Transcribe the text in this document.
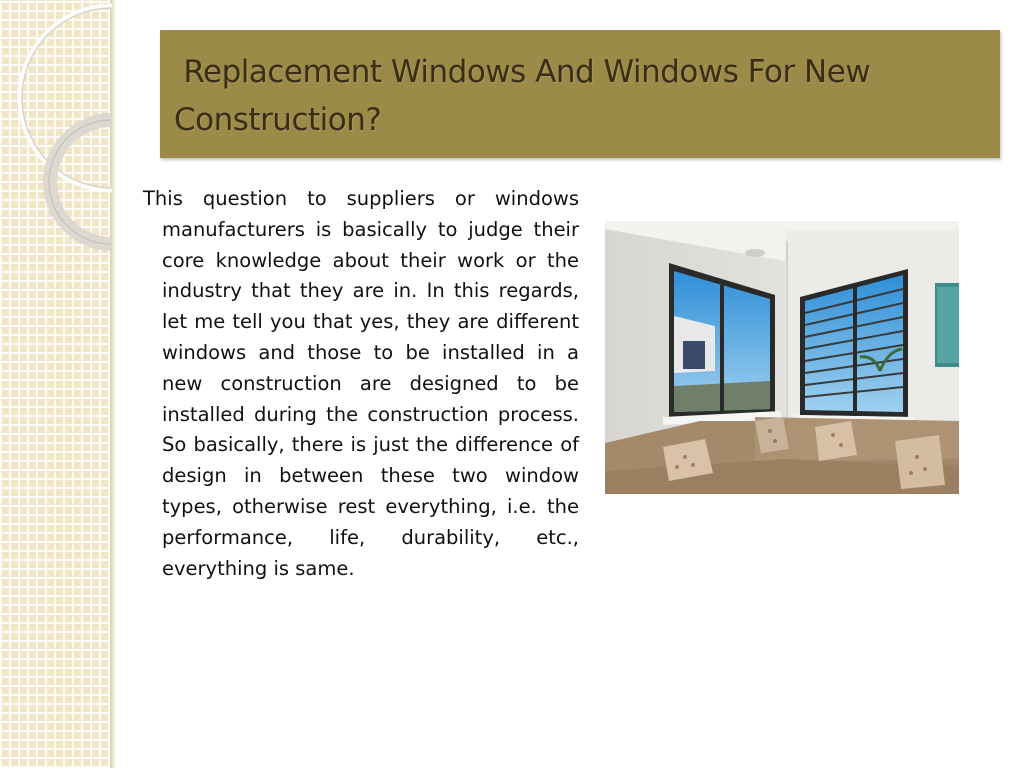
Replacement Windows And Windows For New Construction?

This question to suppliers or windows manufacturers is basically to judge their core knowledge about their work or the industry that they are in. In this regards, let me tell you that yes, they are different windows and those to be installed in a new construction are designed to be installed during the construction process. So basically, there is just the difference of design in between these two window types, otherwise rest everything, i.e. the performance, life, durability, etc., everything is same.
